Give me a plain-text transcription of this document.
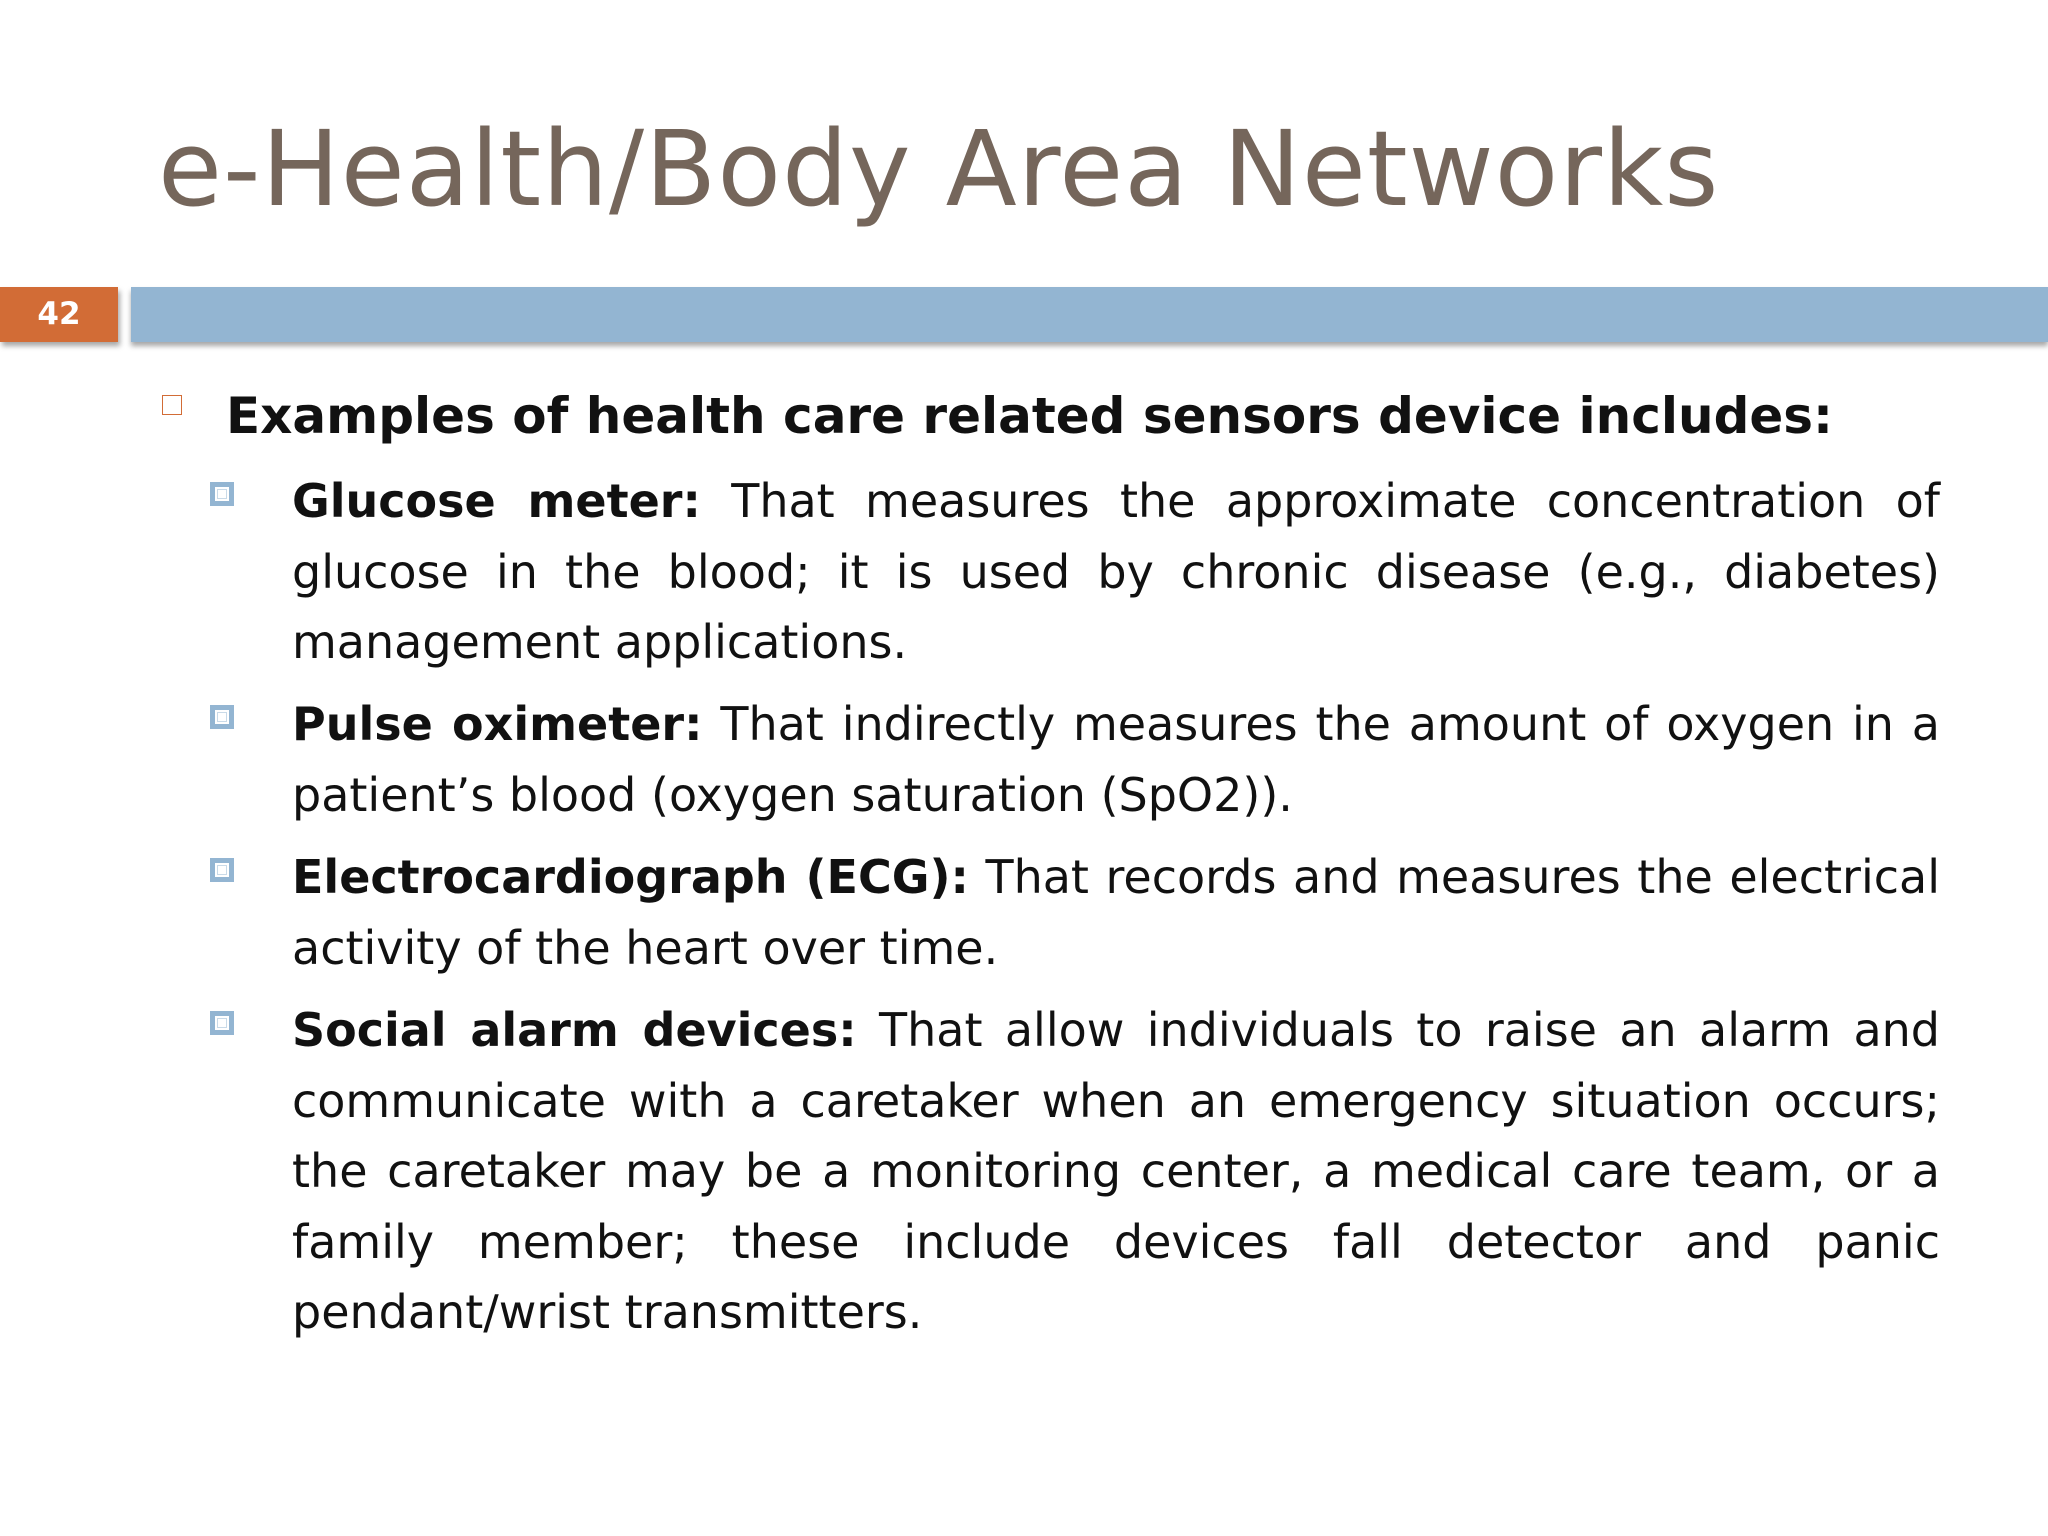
e-Health/Body Area Networks
42

Examples of health care related sensors device includes:

Glucose meter: That measures the approximate concentration of glucose in the blood; it is used by chronic disease (e.g., diabetes) management applications.

Pulse oximeter: That indirectly measures the amount of oxygen in a patient’s blood (oxygen saturation (SpO2)).

Electrocardiograph (ECG): That records and measures the electrical activity of the heart over time.

Social alarm devices: That allow individuals to raise an alarm and communicate with a caretaker when an emergency situation occurs; the caretaker may be a monitoring center, a medical care team, or a family member; these include devices fall detector and panic pendant/wrist transmitters.
